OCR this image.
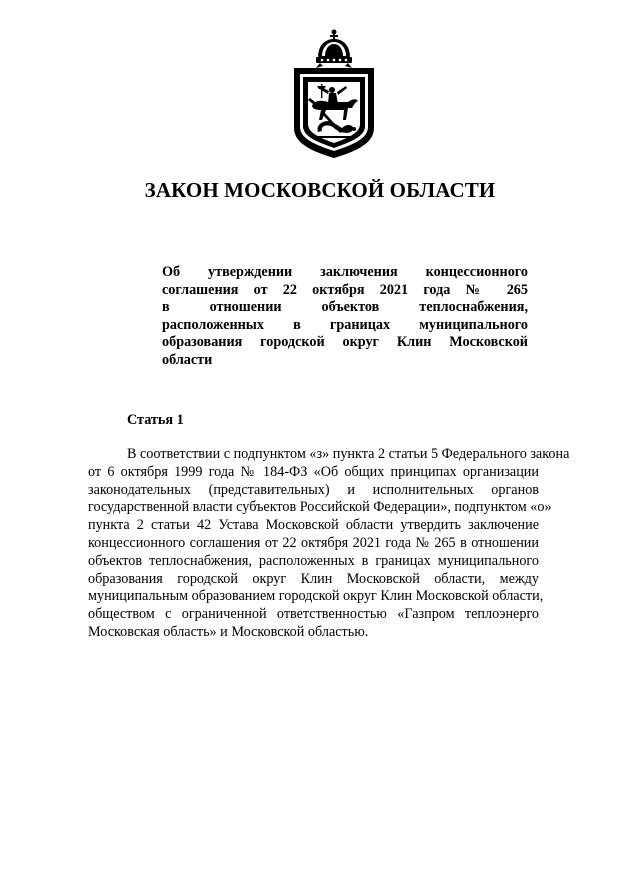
ЗАКОН МОСКОВСКОЙ ОБЛАСТИ
Об утверждении заключения концессионного
соглашения от 22 октября 2021 года № 265
в отношении объектов теплоснабжения,
расположенных в границах муниципального
образования городской округ Клин Московской
области
Статья 1
В соответствии с подпунктом «з» пункта 2 статьи 5 Федерального закона
от 6 октября 1999 года № 184-ФЗ «Об общих принципах организации
законодательных (представительных) и исполнительных органов
государственной власти субъектов Российской Федерации», подпунктом «о»
пункта 2 статьи 42 Устава Московской области утвердить заключение
концессионного соглашения от 22 октября 2021 года № 265 в отношении
объектов теплоснабжения, расположенных в границах муниципального
образования городской округ Клин Московской области, между
муниципальным образованием городской округ Клин Московской области,
обществом с ограниченной ответственностью «Газпром теплоэнерго
Московская область» и Московской областью.
